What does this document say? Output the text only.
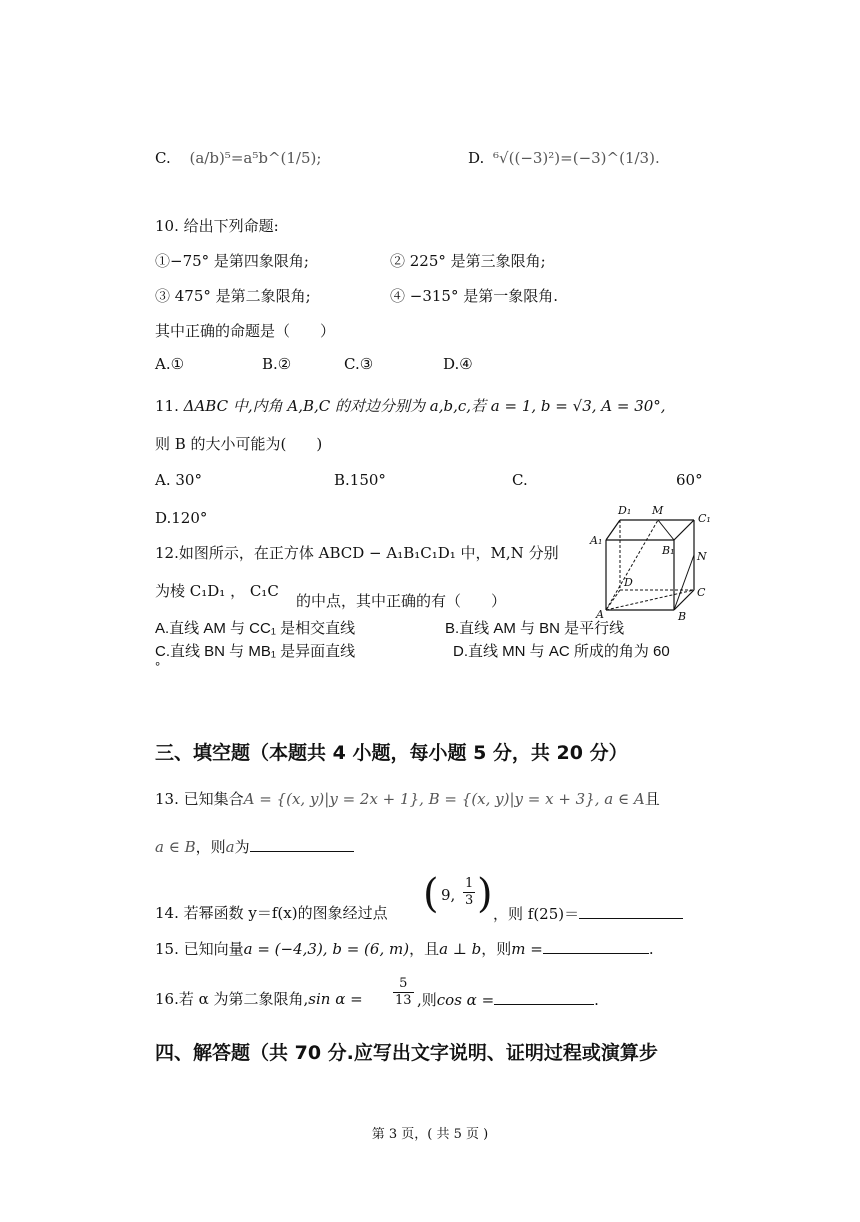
C. (a/b)⁵=a⁵b^(1/5);	D. ⁶√((−3)²)=(−3)^(1/3).
10. 给出下列命题:
①−75° 是第四象限角;	② 225° 是第三象限角;
③ 475° 是第二象限角;	④ −315° 是第一象限角.
其中正确的命题是（　　）
A.①	B.②	C.③	D.④
11. ΔABC 中,内角 A,B,C 的对边分别为 a,b,c,若 a = 1, b = √3, A = 30°,
则 B 的大小可能为(　　)
A. 30°	B.150°	C.	60°
D.120°
12.如图所示，在正方体 ABCD − A₁B₁C₁D₁ 中，M,N 分别
为棱 C₁D₁ ， C₁C
的中点，其中正确的有（　　）
A.直线 AM 与 CC₁ 是相交直线	B.直线 AM 与 BN 是平行线
C.直线 BN 与 MB₁ 是异面直线	D.直线 MN 与 AC 所成的角为 60
°
D₁ M
C₁
A₁
B₁ N
D
C
A	B
三、填空题（本题共 4 小题，每小题 5 分，共 20 分）
13. 已知集合A = {(x, y)|y = 2x + 1}, B = {(x, y)|y = x + 3}, a ∈ A且
a ∈ B，则a为
14. 若幂函数 y＝f(x)的图象经过点 ( 9, $\frac{1}{3}$ ) ，则 f(25)＝
15. 已知向量a = (−4,3), b = (6, m)，且a ⊥ b，则m =	.
16.若 α 为第二象限角,sin $\alpha = \frac{5}{13}$ ,则cos α =	.
四、解答题（共 70 分.应写出文字说明、证明过程或演算步
第 3 页，( 共 5 页 )
